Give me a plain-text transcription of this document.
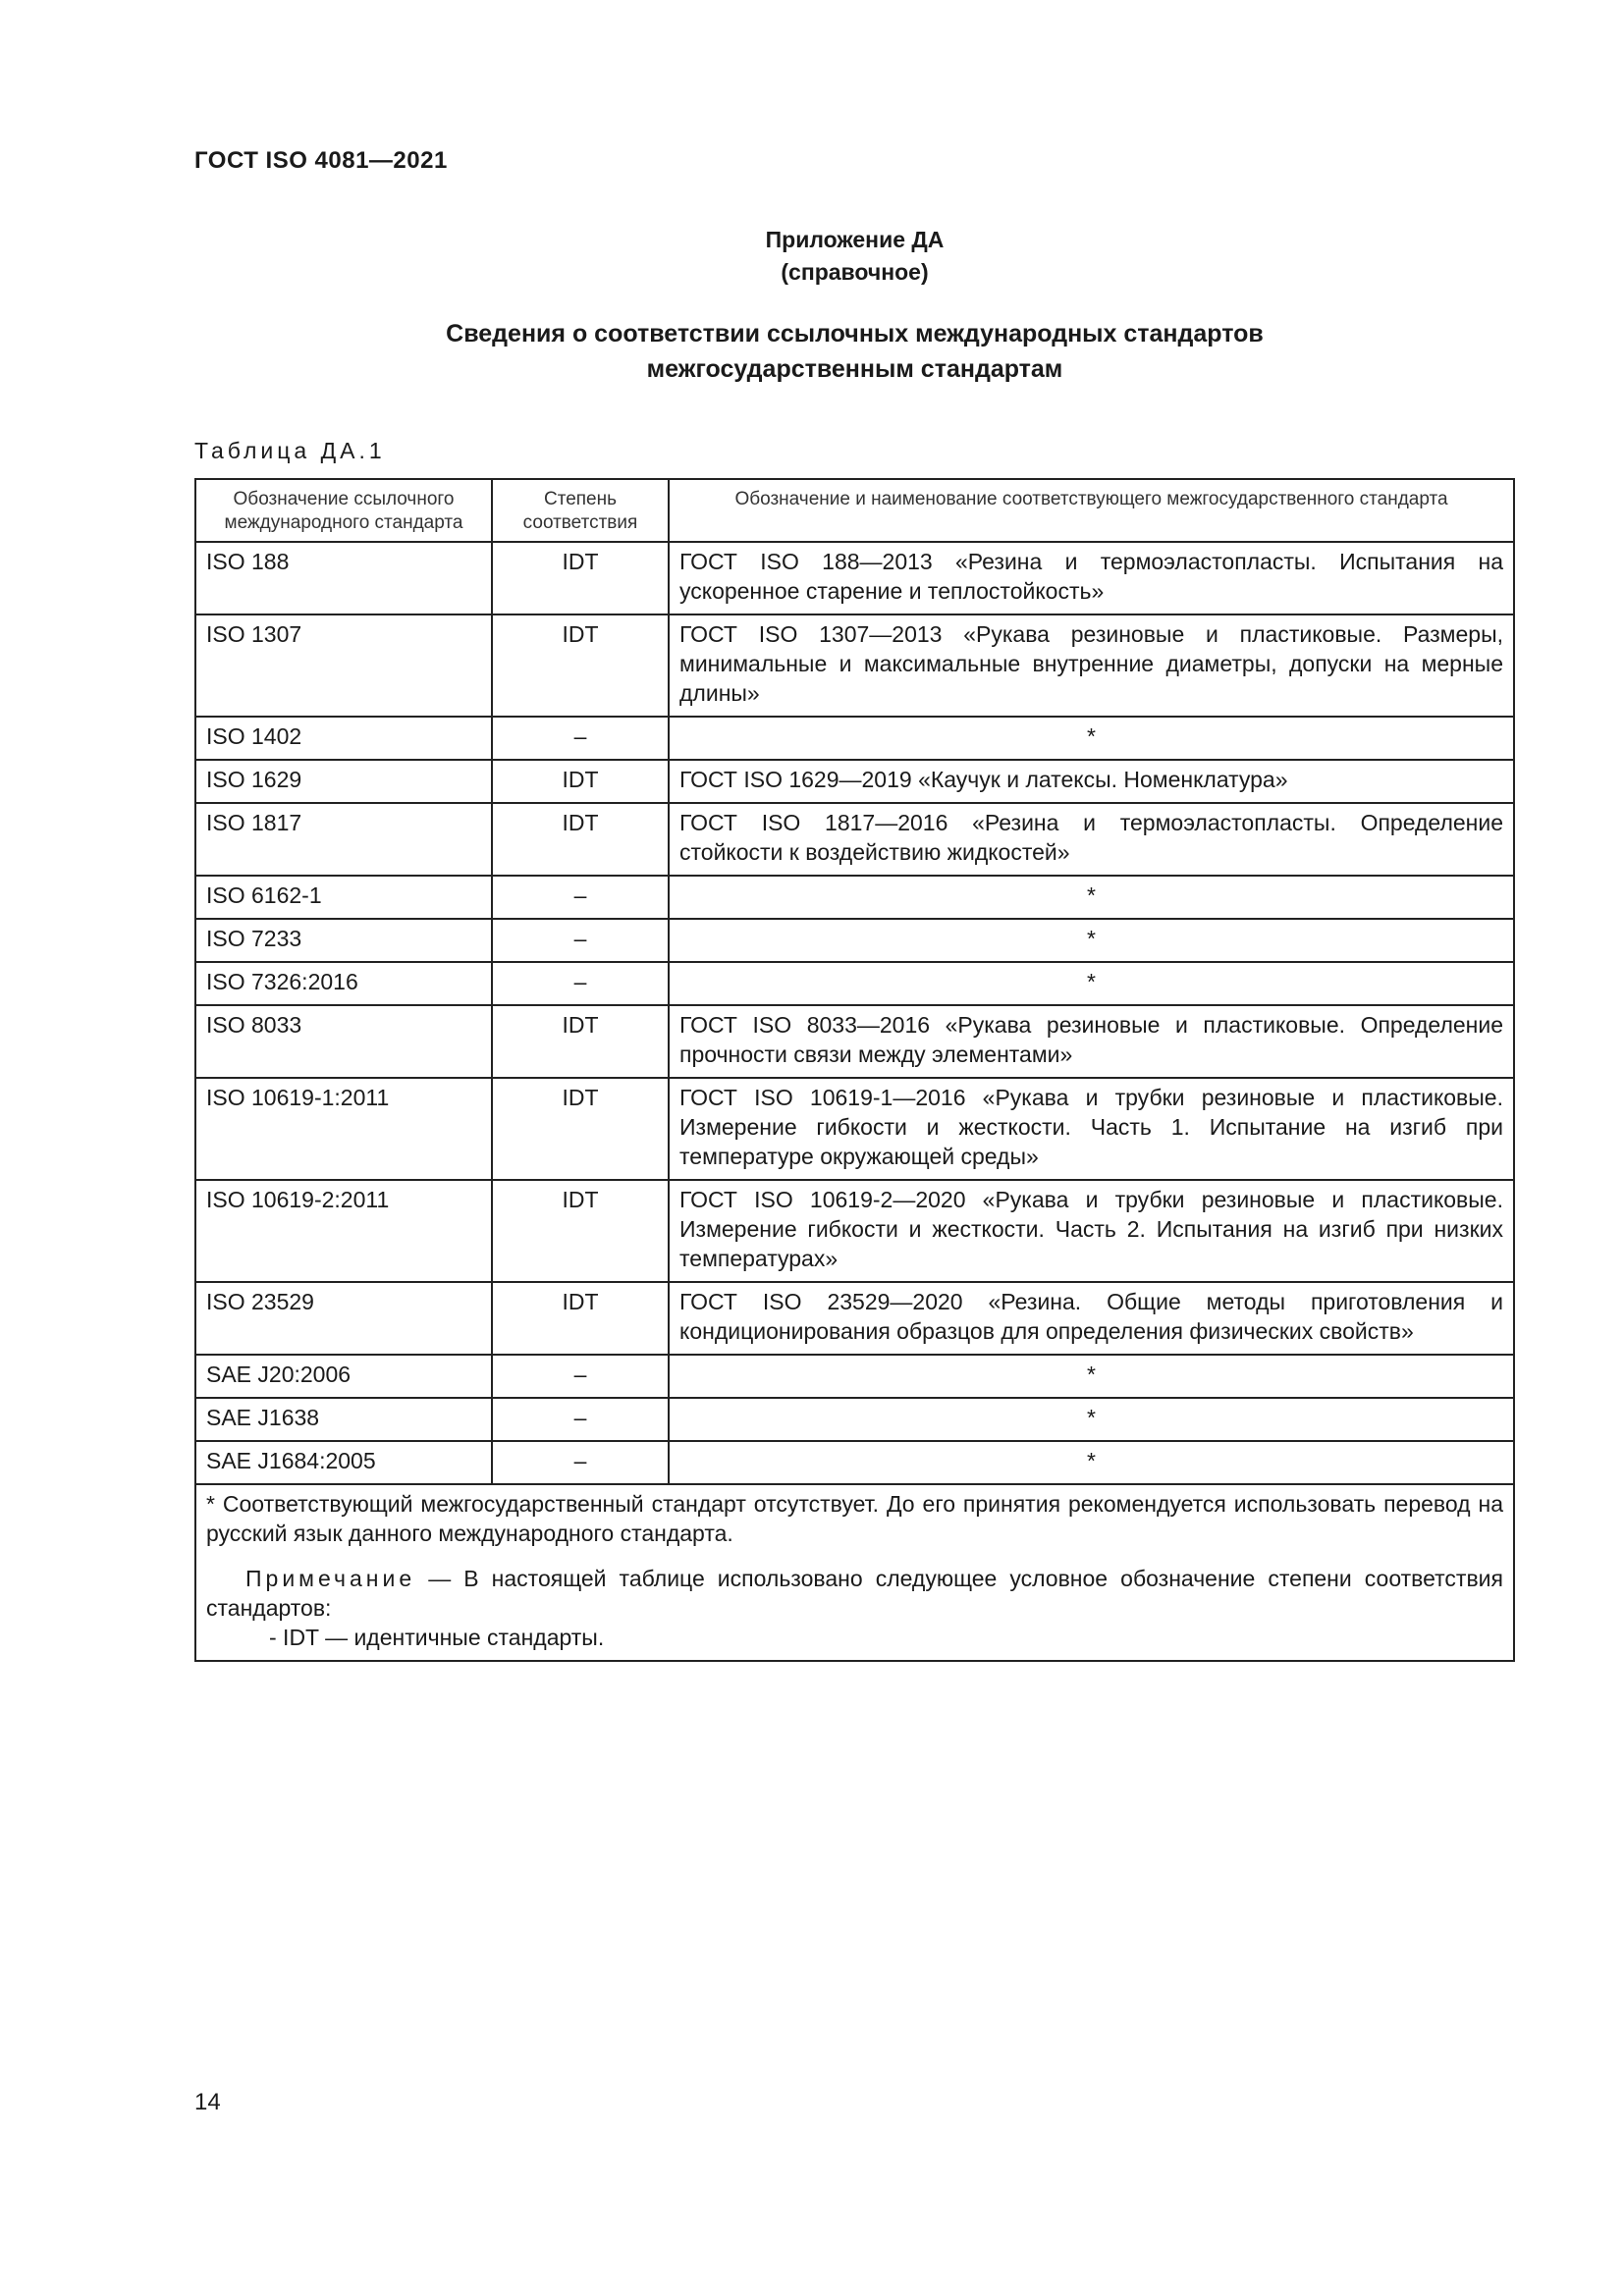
ГОСТ ISO 4081—2021
Приложение ДА
(справочное)
Сведения о соответствии ссылочных международных стандартов
межгосударственным стандартам
Таблица ДА.1
Обозначение ссылочного международного стандарта	Степень соответствия	Обозначение и наименование соответствующего межгосударственного стандарта
ISO 188	IDT	ГОСТ ISO 188—2013 «Резина и термоэластопласты. Испытания на ускоренное старение и теплостойкость»
ISO 1307	IDT	ГОСТ ISO 1307—2013 «Рукава резиновые и пластиковые. Размеры, минимальные и максимальные внутренние диаметры, допуски на мерные длины»
ISO 1402	–	*
ISO 1629	IDT	ГОСТ ISO 1629—2019 «Каучук и латексы. Номенклатура»
ISO 1817	IDT	ГОСТ ISO 1817—2016 «Резина и термоэластопласты. Определение стойкости к воздействию жидкостей»
ISO 6162-1	–	*
ISO 7233	–	*
ISO 7326:2016	–	*
ISO 8033	IDT	ГОСТ ISO 8033—2016 «Рукава резиновые и пластиковые. Определение прочности связи между элементами»
ISO 10619-1:2011	IDT	ГОСТ ISO 10619-1—2016 «Рукава и трубки резиновые и пластиковые. Измерение гибкости и жесткости. Часть 1. Испытание на изгиб при температуре окружающей среды»
ISO 10619-2:2011	IDT	ГОСТ ISO 10619-2—2020 «Рукава и трубки резиновые и пластиковые. Измерение гибкости и жесткости. Часть 2. Испытания на изгиб при низких температурах»
ISO 23529	IDT	ГОСТ ISO 23529—2020 «Резина. Общие методы приготовления и кондиционирования образцов для определения физических свойств»
SAE J20:2006	–	*
SAE J1638	–	*
SAE J1684:2005	–	*

* Соответствующий межгосударственный стандарт отсутствует. До его принятия рекомендуется использовать перевод на русский язык данного международного стандарта.

Примечание — В настоящей таблице использовано следующее условное обозначение степени соответствия стандартов:

- IDT — идентичные стандарты.		

14
